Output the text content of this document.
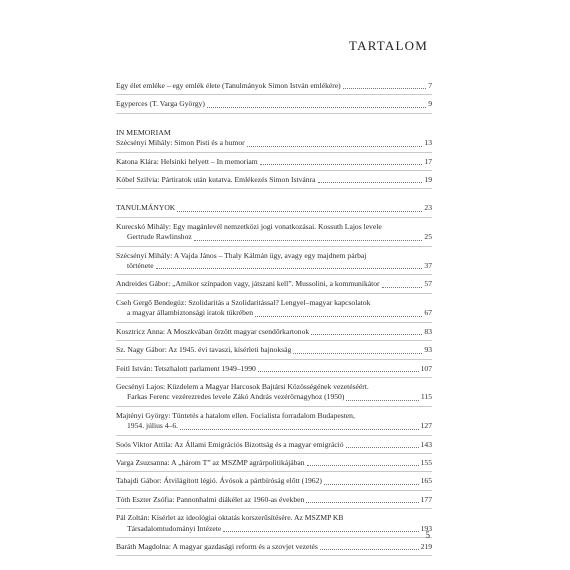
TARTALOM
Egy élet emléke – egy emlék élete (Tanulmányok Simon István emlékére)	7
Egyperces (T. Varga György)	9
IN MEMORIAM
Szécsényi Mihály: Simon Pisti és a humor	13
Katona Klára: Helsinki helyett – In memoriam	17
Kóbel Szilvia: Pártiratok után kutatva. Emlékezés Simon Istvánra	19
TANULMÁNYOK	23
Kurecskó Mihály: Egy magánlevél nemzetközi jogi vonatkozásai. Kossuth Lajos levele
Gertrude Rawlinshoz	25
Szécsényi Mihály: A Vajda János – Thaly Kálmán ügy, avagy egy majdnem párbaj
története	37
Andreides Gábor: „Amikor színpadon vagy, játszani kell”. Mussolini, a kommunikátor	57
Cseh Gergő Bendegúz: Szolidaritás a Szolidaritással? Lengyel–magyar kapcsolatok
a magyar állambiztonsági iratok tükrében	67
Kosztricz Anna: A Moszkvában őrzött magyar csendőrkartonok	83
Sz. Nagy Gábor: Az 1945. évi tavaszi, kísérleti bajnokság	93
Feitl István: Tetszhalott parlament 1949–1990	107
Gecsényi Lajos: Küzdelem a Magyar Harcosok Bajtársi Közösségének vezetéséért.
Farkas Ferenc vezérezredes levele Zákó András vezérőrnagyhoz (1950)	115
Majtényi György: Tüntetés a hatalom ellen. Focialista forradalom Budapesten,
1954. július 4–6.	127
Soós Viktor Attila: Az Állami Emigrációs Bizottság és a magyar emigráció	143
Varga Zsuzsanna: A „három T” az MSZMP agrárpolitikájában	155
Tabajdi Gábor: Átvilágított légió. Ávósok a pártbíróság előtt (1962)	165
Tóth Eszter Zsófia: Pannonhalmi diákélet az 1960-as években	177
Pál Zoltán: Kísérlet az ideológiai oktatás korszerűsítésére. Az MSZMP KB
Társadalomtudományi Intézete	193
Baráth Magdolna: A magyar gazdasági reform és a szovjet vezetés	219
5
